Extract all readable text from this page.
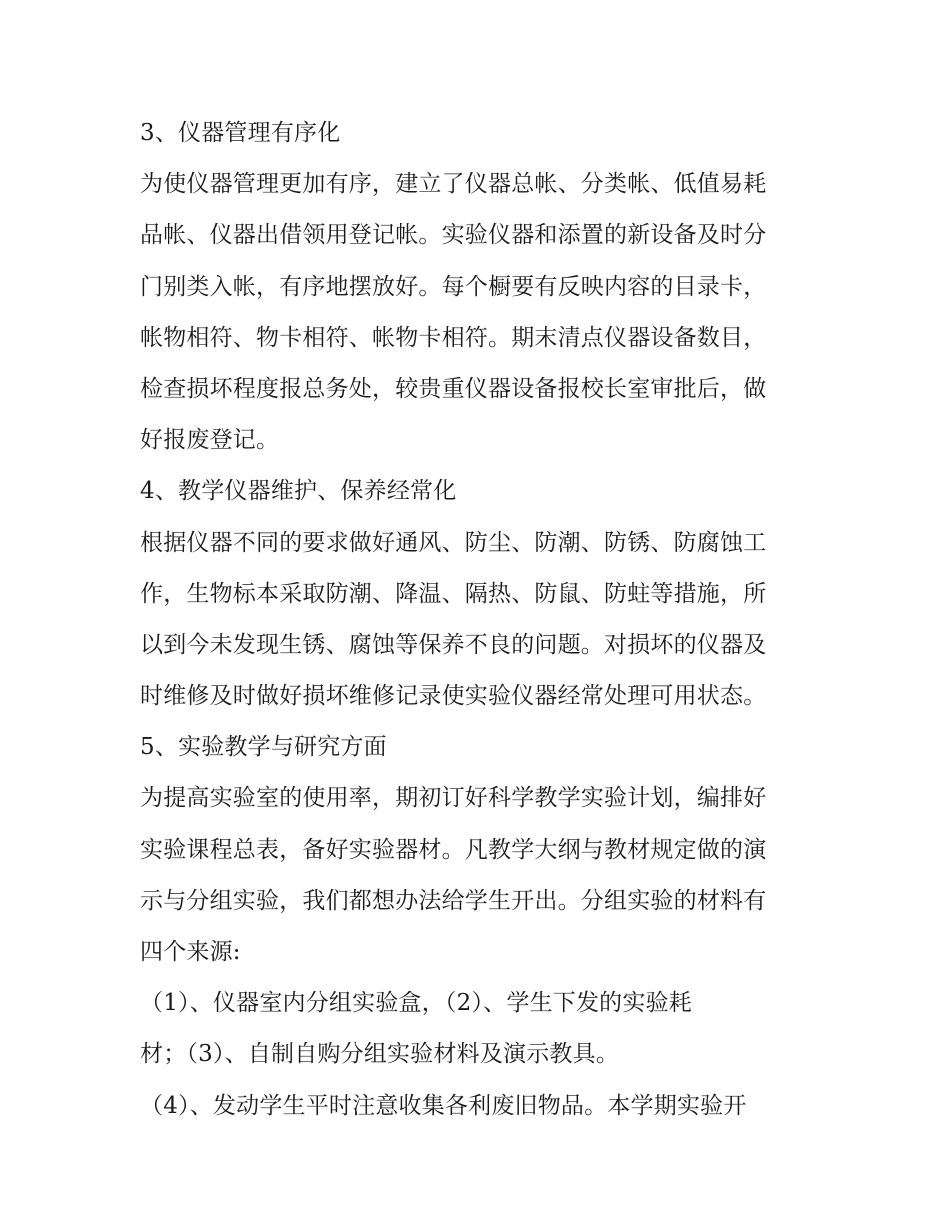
3、仪器管理有序化
为使仪器管理更加有序，建立了仪器总帐、分类帐、低值易耗
品帐、仪器出借领用登记帐。实验仪器和添置的新设备及时分
门别类入帐，有序地摆放好。每个橱要有反映内容的目录卡，
帐物相符、物卡相符、帐物卡相符。期末清点仪器设备数目，
检查损坏程度报总务处，较贵重仪器设备报校长室审批后，做
好报废登记。
4、教学仪器维护、保养经常化
根据仪器不同的要求做好通风、防尘、防潮、防锈、防腐蚀工
作，生物标本采取防潮、降温、隔热、防鼠、防蛀等措施，所
以到今未发现生锈、腐蚀等保养不良的问题。对损坏的仪器及
时维修及时做好损坏维修记录使实验仪器经常处理可用状态。
5、实验教学与研究方面
为提高实验室的使用率，期初订好科学教学实验计划，编排好
实验课程总表，备好实验器材。凡教学大纲与教材规定做的演
示与分组实验，我们都想办法给学生开出。分组实验的材料有
四个来源:
（1）、仪器室内分组实验盒，（2）、学生下发的实验耗
材；（3）、自制自购分组实验材料及演示教具。
（4）、发动学生平时注意收集各利废旧物品。本学期实验开
